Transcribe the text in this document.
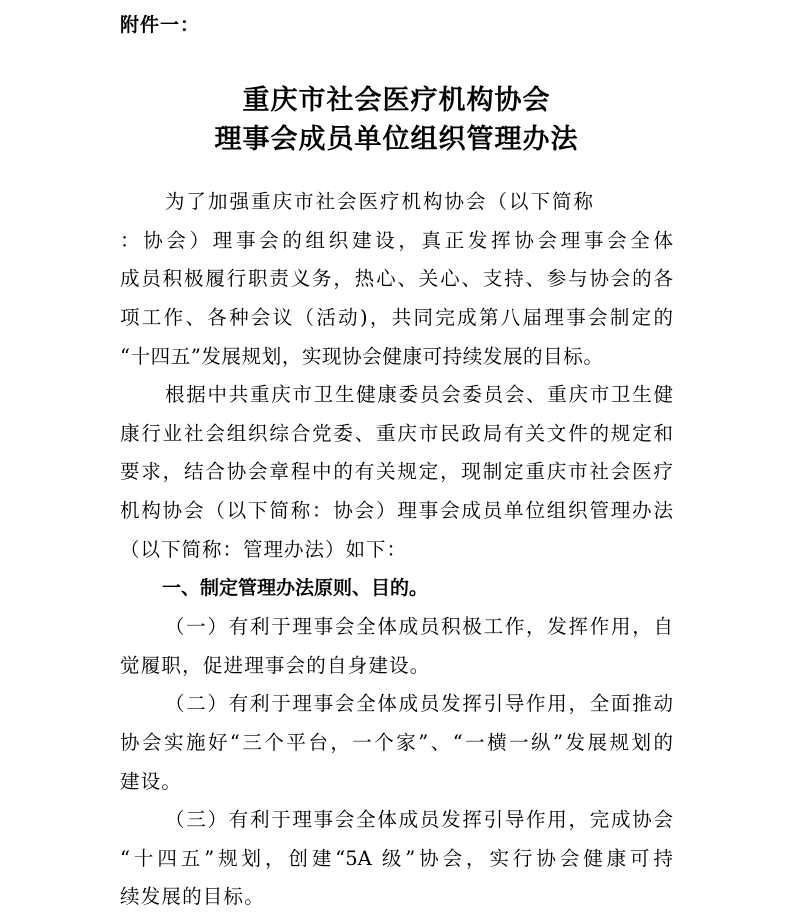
附件一：
重庆市社会医疗机构协会
理事会成员单位组织管理办法
为了加强重庆市社会医疗机构协会（以下简称
：协会）理事会的组织建设，真正发挥协会理事会全体
成员积极履行职责义务，热心、关心、支持、参与协会的各
项工作、各种会议（活动)，共同完成第八届理事会制定的
“十四五”发展规划，实现协会健康可持续发展的目标。
根据中共重庆市卫生健康委员会委员会、重庆市卫生健
康行业社会组织综合党委、重庆市民政局有关文件的规定和
要求，结合协会章程中的有关规定，现制定重庆市社会医疗
机构协会（以下简称：协会）理事会成员单位组织管理办法
（以下简称：管理办法）如下：
一、制定管理办法原则、目的。
（一）有利于理事会全体成员积极工作，发挥作用，自
觉履职，促进理事会的自身建设。
（二）有利于理事会全体成员发挥引导作用，全面推动
协会实施好“三个平台，一个家”、“一横一纵”发展规划的
建设。
（三）有利于理事会全体成员发挥引导作用，完成协会
“十四五”规划，创建“5A 级”协会，实行协会健康可持
续发展的目标。
